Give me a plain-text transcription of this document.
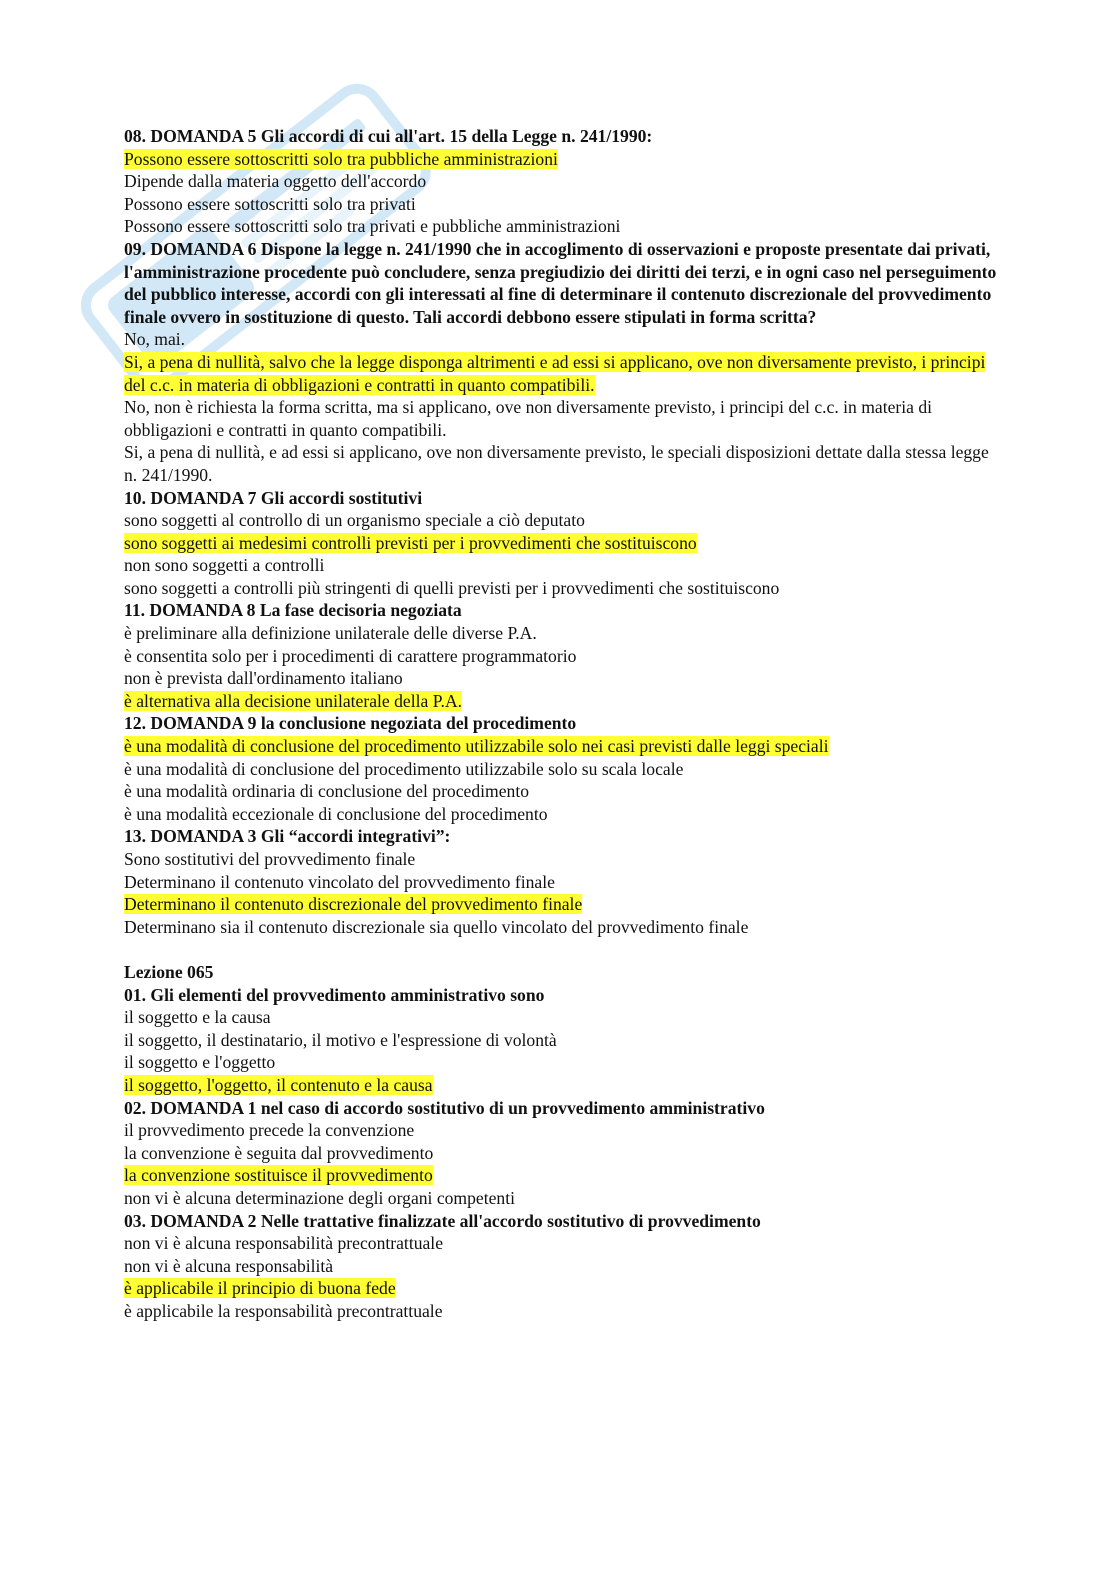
08. DOMANDA 5 Gli accordi di cui all'art. 15 della Legge n. 241/1990:
Possono essere sottoscritti solo tra pubbliche amministrazioni
Dipende dalla materia oggetto dell'accordo
Possono essere sottoscritti solo tra privati
Possono essere sottoscritti solo tra privati e pubbliche amministrazioni
09. DOMANDA 6 Dispone la legge n. 241/1990 che in accoglimento di osservazioni e proposte presentate dai privati, l'amministrazione procedente può concludere, senza pregiudizio dei diritti dei terzi, e in ogni caso nel perseguimento del pubblico interesse, accordi con gli interessati al fine di determinare il contenuto discrezionale del provvedimento finale ovvero in sostituzione di questo. Tali accordi debbono essere stipulati in forma scritta?
No, mai.
Si, a pena di nullità, salvo che la legge disponga altrimenti e ad essi si applicano, ove non diversamente previsto, i principi del c.c. in materia di obbligazioni e contratti in quanto compatibili.
No, non è richiesta la forma scritta, ma si applicano, ove non diversamente previsto, i principi del c.c. in materia di obbligazioni e contratti in quanto compatibili.
Si, a pena di nullità, e ad essi si applicano, ove non diversamente previsto, le speciali disposizioni dettate dalla stessa legge n. 241/1990.
10. DOMANDA 7 Gli accordi sostitutivi
sono soggetti al controllo di un organismo speciale a ciò deputato
sono soggetti ai medesimi controlli previsti per i provvedimenti che sostituiscono
non sono soggetti a controlli
sono soggetti a controlli più stringenti di quelli previsti per i provvedimenti che sostituiscono
11. DOMANDA 8 La fase decisoria negoziata
è preliminare alla definizione unilaterale delle diverse P.A.
è consentita solo per i procedimenti di carattere programmatorio
non è prevista dall'ordinamento italiano
è alternativa alla decisione unilaterale della P.A.
12. DOMANDA 9 la conclusione negoziata del procedimento
è una modalità di conclusione del procedimento utilizzabile solo nei casi previsti dalle leggi speciali
è una modalità di conclusione del procedimento utilizzabile solo su scala locale
è una modalità ordinaria di conclusione del procedimento
è una modalità eccezionale di conclusione del procedimento
13. DOMANDA 3 Gli “accordi integrativi”:
Sono sostitutivi del provvedimento finale
Determinano il contenuto vincolato del provvedimento finale
Determinano il contenuto discrezionale del provvedimento finale
Determinano sia il contenuto discrezionale sia quello vincolato del provvedimento finale
Lezione 065
01. Gli elementi del provvedimento amministrativo sono
il soggetto e la causa
il soggetto, il destinatario, il motivo e l'espressione di volontà
il soggetto e l'oggetto
il soggetto, l'oggetto, il contenuto e la causa
02. DOMANDA 1 nel caso di accordo sostitutivo di un provvedimento amministrativo
il provvedimento precede la convenzione
la convenzione è seguita dal provvedimento
la convenzione sostituisce il provvedimento
non vi è alcuna determinazione degli organi competenti
03. DOMANDA 2 Nelle trattative finalizzate all'accordo sostitutivo di provvedimento
non vi è alcuna responsabilità precontrattuale
non vi è alcuna responsabilità
è applicabile il principio di buona fede
è applicabile la responsabilità precontrattuale
